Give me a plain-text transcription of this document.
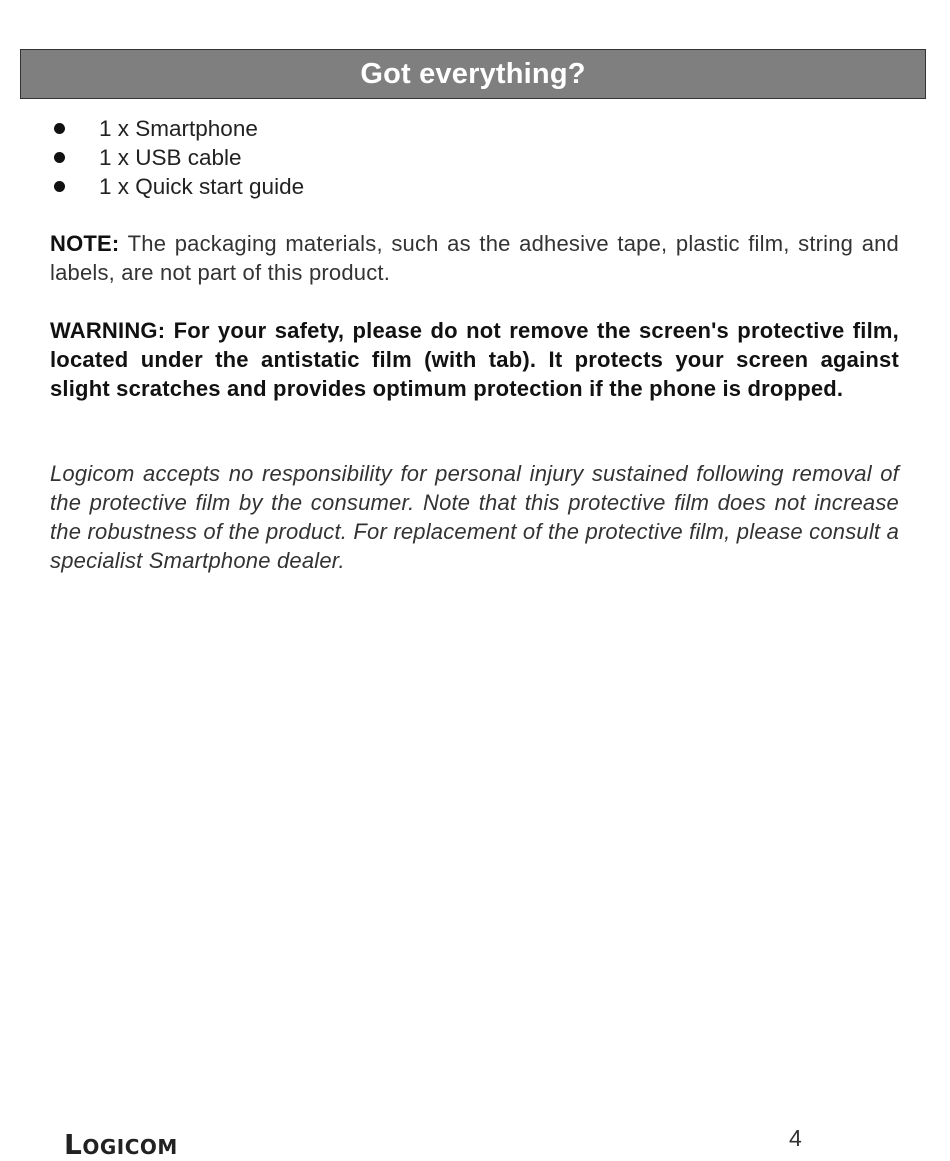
Got everything?
1 x Smartphone
1 x USB cable
1 x Quick start guide

NOTE: The packaging materials, such as the adhesive tape, plastic film, string and labels, are not part of this product.

WARNING: For your safety, please do not remove the screen's protective film, located under the antistatic film (with tab). It protects your screen against slight scratches and provides optimum protection if the phone is dropped.

Logicom accepts no responsibility for personal injury sustained following removal of the protective film by the consumer. Note that this protective film does not increase the robustness of the product. For replacement of the protective film, please consult a specialist Smartphone dealer.

Logicom	4
